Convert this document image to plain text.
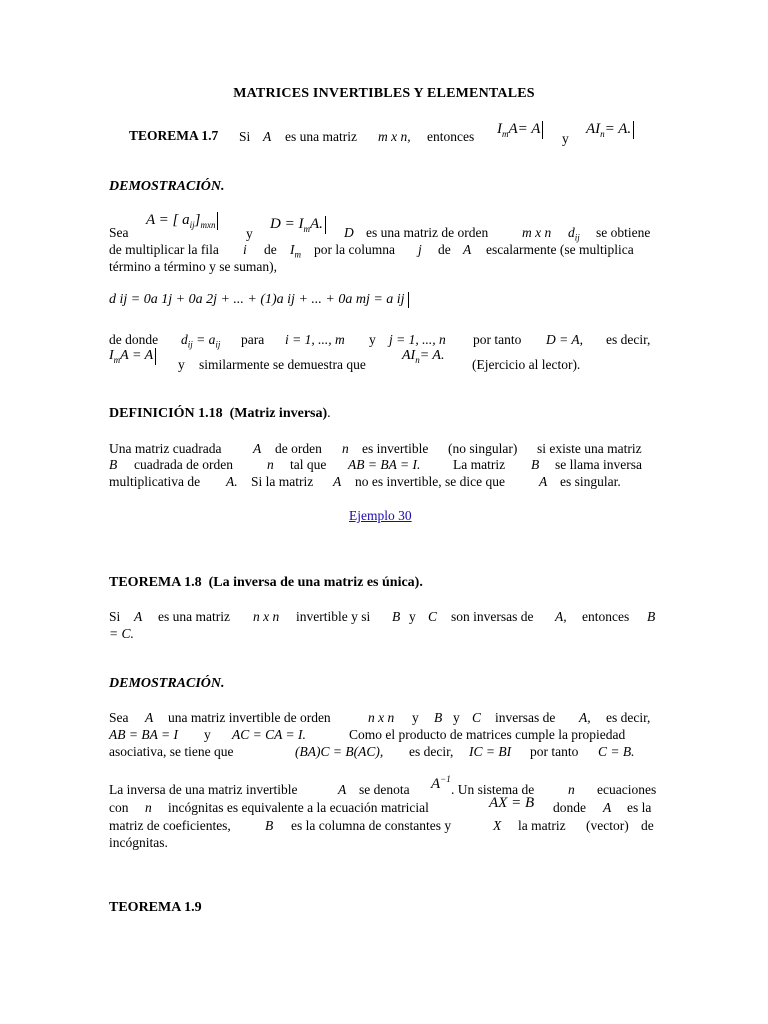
MATRICES INVERTIBLES Y ELEMENTALES
TEOREMA 1.7 Si A es una matriz m x n, entonces $I_mA= A$
y
$AI_n= A$.
DEMOSTRACIÓN.
Sea
A = [ $a_{ij}]_{mxn}$
y
$D = I_mA$.
D es una matriz de orden	m x n $d_{ij}$ se obtiene
de multiplicar la fila i de $I_m$ por la columna j de A escalarmente (se multiplica
término a término y se suman),
d ij = 0a 1j + 0a 2j + ... + (1)a ij + ... + 0a mj = a ij
de donde $d_{ij} = a_{ij}$ para i = 1, ..., m y j = 1, ..., n por tanto D = A, es decir,
$I_mA = A$
y similarmente se demuestra que
$AI_n= A$.
(Ejercicio al lector).
DEFINICIÓN 1.18 (Matriz inversa).
Una matriz cuadrada A de orden n es invertible (no singular) si existe una matriz
B cuadrada de orden	n tal que AB = BA = I. La matriz B se llama inversa
multiplicativa de A. Si la matriz A no es invertible, se dice que	A es singular.
Ejemplo 30
TEOREMA 1.8 (La inversa de una matriz es única).
Si A es una matriz n x n invertible y si B y C son inversas de A, entonces B
= C.
DEMOSTRACIÓN.
Sea A una matriz invertible de orden	n x n y B y C inversas de A, es decir,
AB = BA = I y AC = CA = I.	Como el producto de matrices cumple la propiedad
asociativa, se tiene que	(BA)C = B(AC), es decir, IC = BI por tanto C = B.
La inversa de una matriz invertible	A se denota $A^{-1}$
. Un sistema de	n ecuaciones
con n incógnitas es equivalente a la ecuación matricial	AX = B donde A es la
matriz de coeficientes,	B es la columna de constantes y	X la matriz (vector) de
incógnitas.
TEOREMA 1.9
